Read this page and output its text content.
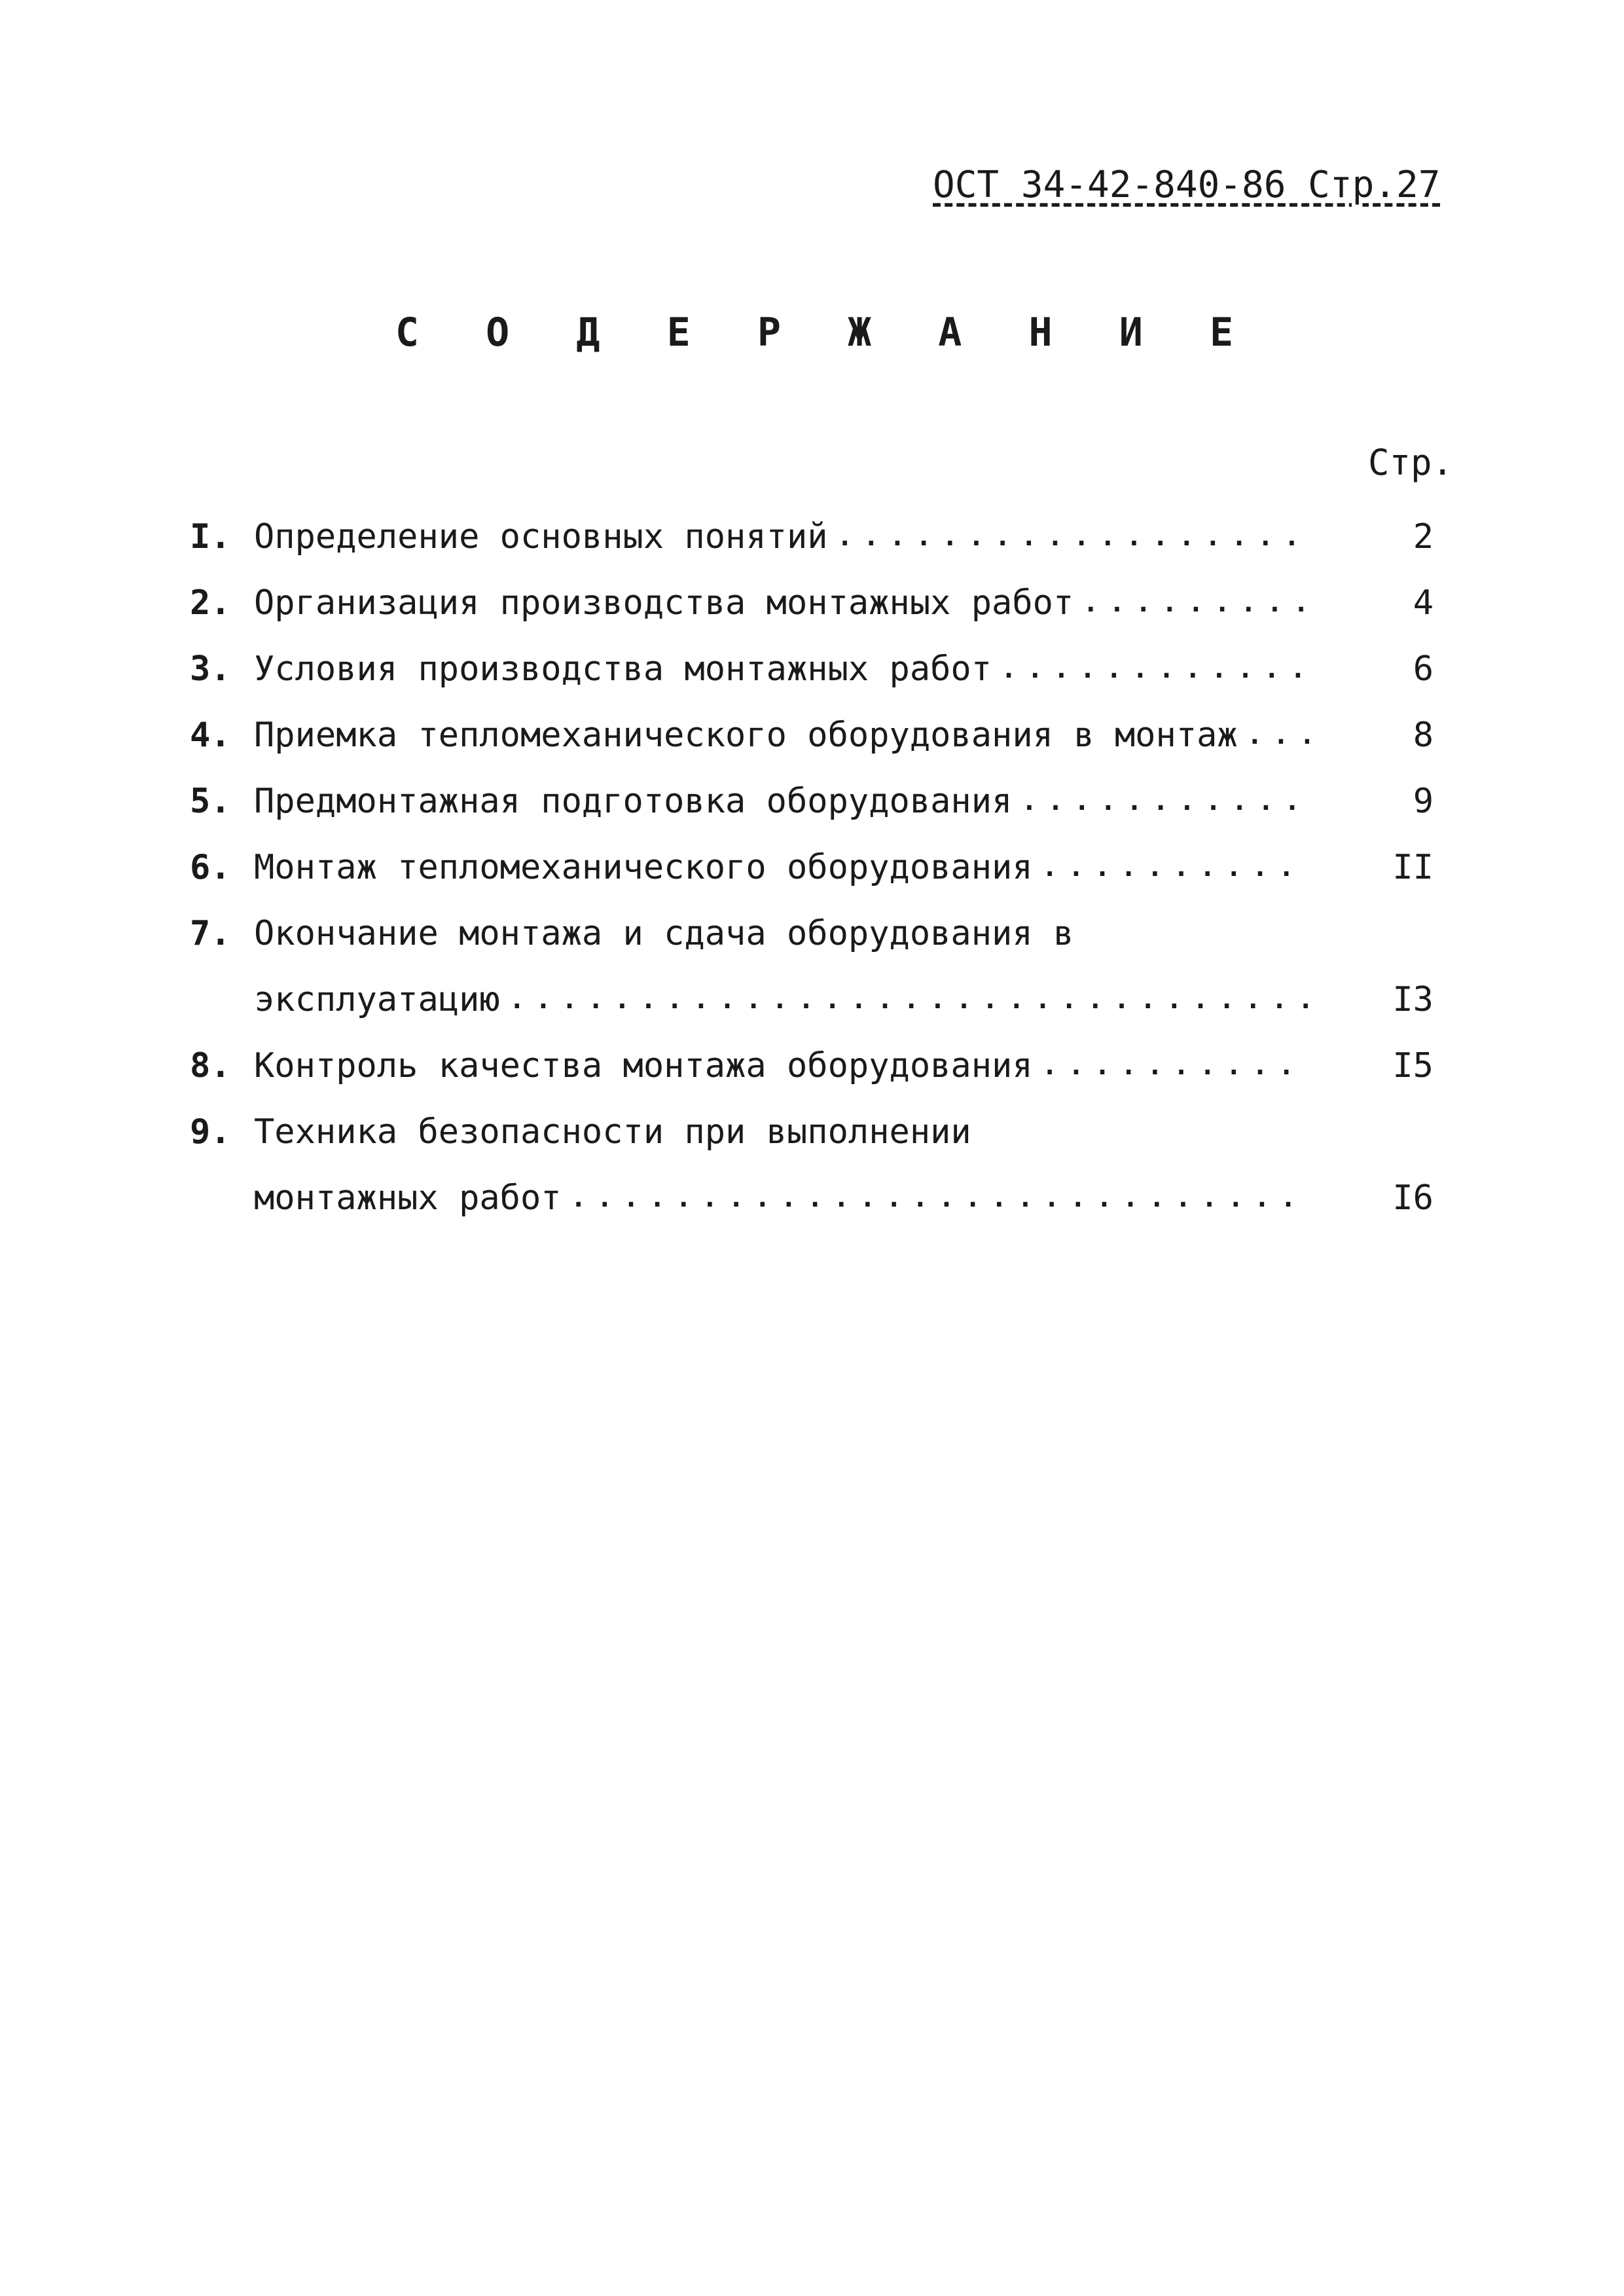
ОСТ 34-42-840-86 Стр.27
С О Д Е Р Ж А Н И Е
Стр.
I. Определение основных понятий . . .	2
2. Организация производства монтажных работ . . .	4
3. Условия производства монтажных работ . . .	6
4. Приемка тепломеханического оборудования в монтаж . . .	8
5. Предмонтажная подготовка оборудования . . .	9
6. Монтаж тепломеханического оборудования . . .	II
7. Окончание монтажа и сдача оборудования в
эксплуатацию . . .	I3
8. Контроль качества монтажа оборудования . . .	I5
9. Техника безопасности при выполнении
монтажных работ . . .	I6
